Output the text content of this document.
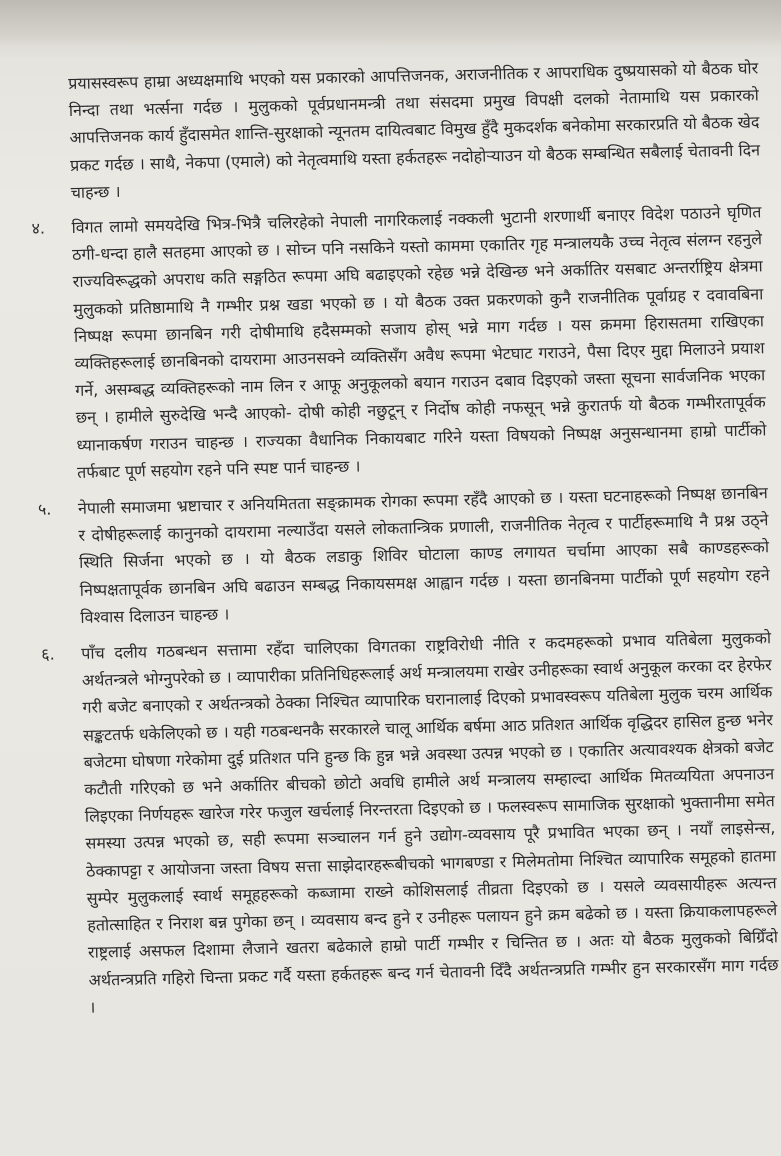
प्रयासस्वरूप हाम्रा अध्यक्षमाथि भएको यस प्रकारको आपत्तिजनक, अराजनीतिक र आपराधिक दुष्प्रयासको यो बैठक घोर निन्दा तथा भर्त्सना गर्दछ । मुलुकको पूर्वप्रधानमन्त्री तथा संसदमा प्रमुख विपक्षी दलको नेतामाथि यस प्रकारको आपत्तिजनक कार्य हुँदासमेत शान्ति-सुरक्षाको न्यूनतम दायित्वबाट विमुख हुँदै मुकदर्शक बनेकोमा सरकारप्रति यो बैठक खेद प्रकट गर्दछ । साथै, नेकपा (एमाले) को नेतृत्वमाथि यस्ता हर्कतहरू नदोहोऱ्याउन यो बैठक सम्बन्धित सबैलाई चेतावनी दिन चाहन्छ ।

४.	विगत लामो समयदेखि भित्र-भित्रै चलिरहेको नेपाली नागरिकलाई नक्कली भुटानी शरणार्थी बनाएर विदेश पठाउने घृणित ठगी-धन्दा हालै सतहमा आएको छ । सोच्न पनि नसकिने यस्तो काममा एकातिर गृह मन्त्रालयकै उच्च नेतृत्व संलग्न रहनुले राज्यविरूद्धको अपराध कति सङ्गठित रूपमा अघि बढाइएको रहेछ भन्ने देखिन्छ भने अर्कातिर यसबाट अन्तर्राष्ट्रिय क्षेत्रमा मुलुकको प्रतिष्ठामाथि नै गम्भीर प्रश्न खडा भएको छ । यो बैठक उक्त प्रकरणको कुनै राजनीतिक पूर्वाग्रह र दवावबिना निष्पक्ष रूपमा छानबिन गरी दोषीमाथि हदैसम्मको सजाय होस् भन्ने माग गर्दछ । यस क्रममा हिरासतमा राखिएका व्यक्तिहरूलाई छानबिनको दायरामा आउनसक्ने व्यक्तिसँग अवैध रूपमा भेटघाट गराउने, पैसा दिएर मुद्दा मिलाउने प्रयाश गर्ने, असम्बद्ध व्यक्तिहरूको नाम लिन र आफू अनुकूलको बयान गराउन दबाव दिइएको जस्ता सूचना सार्वजनिक भएका छन् । हामीले सुरुदेखि भन्दै आएको- दोषी कोही नछुटून् र निर्दोष कोही नफसून् भन्ने कुरातर्फ यो बैठक गम्भीरतापूर्वक ध्यानाकर्षण गराउन चाहन्छ । राज्यका वैधानिक निकायबाट गरिने यस्ता विषयको निष्पक्ष अनुसन्धानमा हाम्रो पार्टीको तर्फबाट पूर्ण सहयोग रहने पनि स्पष्ट पार्न चाहन्छ ।

५.	नेपाली समाजमा भ्रष्टाचार र अनियमितता सङ्क्रामक रोगका रूपमा रहँदै आएको छ । यस्ता घटनाहरूको निष्पक्ष छानबिन र दोषीहरूलाई कानुनको दायरामा नल्याउँदा यसले लोकतान्त्रिक प्रणाली, राजनीतिक नेतृत्व र पार्टीहरूमाथि नै प्रश्न उठ्ने स्थिति सिर्जना भएको छ । यो बैठक लडाकु शिविर घोटाला काण्ड लगायत चर्चामा आएका सबै काण्डहरूको निष्पक्षतापूर्वक छानबिन अघि बढाउन सम्बद्ध निकायसमक्ष आह्वान गर्दछ । यस्ता छानबिनमा पार्टीको पूर्ण सहयोग रहने विश्वास दिलाउन चाहन्छ ।

६.	पाँच दलीय गठबन्धन सत्तामा रहँदा चालिएका विगतका राष्ट्रविरोधी नीति र कदमहरूको प्रभाव यतिबेला मुलुकको अर्थतन्त्रले भोग्नुपरेको छ । व्यापारीका प्रतिनिधिहरूलाई अर्थ मन्त्रालयमा राखेर उनीहरूका स्वार्थ अनुकूल करका दर हेरफेर गरी बजेट बनाएको र अर्थतन्त्रको ठेक्का निश्चित व्यापारिक घरानालाई दिएको प्रभावस्वरूप यतिबेला मुलुक चरम आर्थिक सङ्कटतर्फ धकेलिएको छ । यही गठबन्धनकै सरकारले चालू आर्थिक बर्षमा आठ प्रतिशत आर्थिक वृद्धिदर हासिल हुन्छ भनेर बजेटमा घोषणा गरेकोमा दुई प्रतिशत पनि हुन्छ कि हुन्न भन्ने अवस्था उत्पन्न भएको छ । एकातिर अत्यावश्यक क्षेत्रको बजेट कटौती गरिएको छ भने अर्कातिर बीचको छोटो अवधि हामीले अर्थ मन्त्रालय सम्हाल्दा आर्थिक मितव्ययिता अपनाउन लिइएका निर्णयहरू खारेज गरेर फजुल खर्चलाई निरन्तरता दिइएको छ । फलस्वरूप सामाजिक सुरक्षाको भुक्तानीमा समेत समस्या उत्पन्न भएको छ, सही रूपमा सञ्चालन गर्न हुने उद्योग-व्यवसाय पूरै प्रभावित भएका छन् । नयाँ लाइसेन्स, ठेक्कापट्टा र आयोजना जस्ता विषय सत्ता साझेदारहरूबीचको भागबण्डा र मिलेमतोमा निश्चित व्यापारिक समूहको हातमा सुम्पेर मुलुकलाई स्वार्थ समूहहरूको कब्जामा राख्ने कोशिसलाई तीव्रता दिइएको छ । यसले व्यवसायीहरू अत्यन्त हतोत्साहित र निराश बन्न पुगेका छन् । व्यवसाय बन्द हुने र उनीहरू पलायन हुने क्रम बढेको छ । यस्ता क्रियाकलापहरूले राष्ट्रलाई असफल दिशामा लैजाने खतरा बढेकाले हाम्रो पार्टी गम्भीर र चिन्तित छ । अतः यो बैठक मुलुकको बिग्रिँदो अर्थतन्त्रप्रति गहिरो चिन्ता प्रकट गर्दै यस्ता हर्कतहरू बन्द गर्न चेतावनी दिँदै अर्थतन्त्रप्रति गम्भीर हुन सरकारसँग माग गर्दछ ।
